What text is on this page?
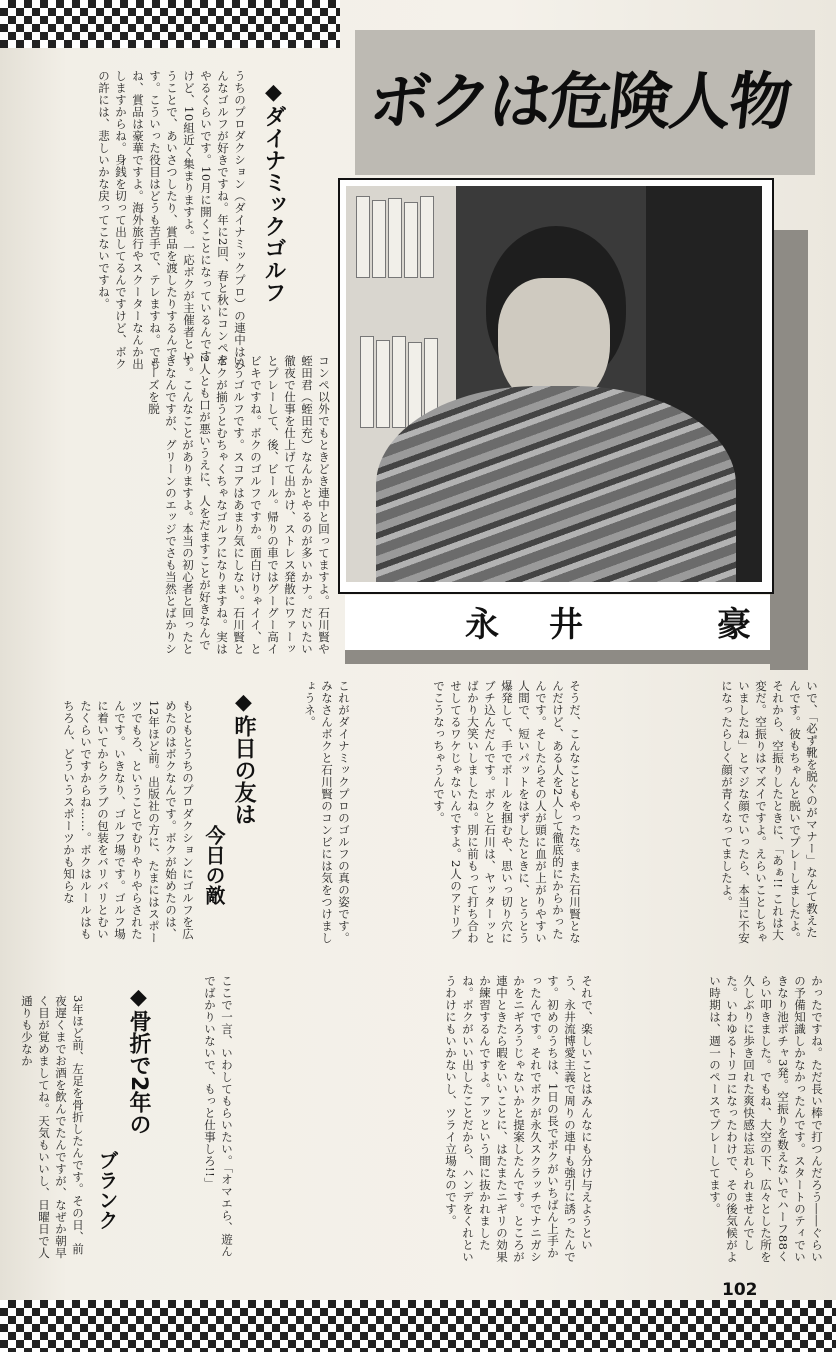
うちのプロダクション（ダイナミックプロ）の連中はみんなゴルフが好きですね。年に2回、春と秋にコンペをやるくらいです。10月に開くことになっているんですけど、10組近く集まりますよ。一応ボクが主催者ということで、あいさつしたり、賞品を渡したりするんです。こういった役目はどうも苦手で、テレますね。でもね、賞品は豪華ですよ。海外旅行やスクーターなんか出しますからね。身銭を切って出してるんですけど、ボクの許には、悲しいかな戻ってこないですね。	◆ダイナミックゴルフ
コンペ以外でもときどき連中と回ってますよ。石川賢や蛭田君（蛭田充）なんかとやるのが多いかナ。だいたい徹夜で仕事を仕上げて出かけ、ストレス発散にワァーッとプレーして、後、ビール。帰りの車ではグーグー高イビキですね。ボクのゴルフですか。面白けりゃイイ、というゴルフです。スコアはあまり気にしない。石川賢とボクが揃うとむちゃくちゃなゴルフになりますね。実は2人とも口が悪いうえに、人をだますことが好きなんです。こんなことがありますよ。本当の初心者と回ったときなんですが、グリーンのエッジでさも当然とばかりシューズを脱
ボクは危険人物
永井　豪
いで、「必ず靴を脱ぐのがマナー」なんて教えたんです。彼もちゃんと脱いでプレーしましたよ。それから、空振りしたときに、「あぁ!! これは大変だ。空振りはマズイですよ。えらいことしちゃいましたね」とマジな顔でいったら、本当に不安になったらしく顔が青くなってましたよ。
そうだ、こんなこともやったな。また石川賢となんだけど、ある人を2人して徹底的にからかったんです。そしたらその人が頭に血が上がりやすい人間で、短いパットをはずしたときに、とうとう爆発して、手でボールを掴むや、思いっ切り穴にブチ込んだんです。ボクと石川は、ヤッターッとばかり大笑いしましたね。別に前もって打ち合わせしてるワケじゃないんですよ。2人のアドリブでこうなっちゃうんです。
これがダイナミックプロのゴルフの真の姿です。みなさんボクと石川賢のコンビには気をつけましょうネ。
◆昨日の友は
今日の敵
もともとうちのプロダクションにゴルフを広めたのはボクなんです。ボクが始めたのは、12年ほど前。出版社の方に、たまにはスポーツでもろ、ということでむりやりやらされたんです。いきなり、ゴルフ場です。ゴルフ場に着いてからクラブの包装をバリバリとむいたくらいですからね……。ボクはルールはもちろん、どういうスポーツかも知らな
かったですね。ただ長い棒で打つんだろう――ぐらいの予備知識しかなかったんです。スタートのティでいきなり池ポチャ3発。空振りを数えないでハーフ88くらい叩きました。でもね、大空の下、広々とした所を久しぶりに歩き回れた爽快感は忘れられませんでした。いわゆるトリコになったわけで、その後気候がよい時期は、週一のペースでプレーしてます。
それで、楽しいことはみんなにも分け与えようという、永井流博愛主義で周りの連中も強引に誘ったんです。初めのうちは、1日の長でボクがいちばん上手かったんです。それでボクが永久スクラッチでナニガシかをニギろうじゃないかと提案したんです。ところが連中ときたら暇をいいことに、はたまたニギリの効果か練習するんですよ。アッという間に抜かれましたね。ボクがいい出したことだから、ハンデをくれというわけにもいかないし、ツライ立場なのです。
ここで一言、いわしてもらいたい。「オマエら、遊んでばかりいないで、もっと仕事しろ!!」
◆骨折で2年の
ブランク
3年ほど前、左足を骨折したんです。その日、前夜遅くまでお酒を飲んでたんですが、なぜか朝早く目が覚めましてね。天気もいいし、日曜日で人通りも少なか
102
